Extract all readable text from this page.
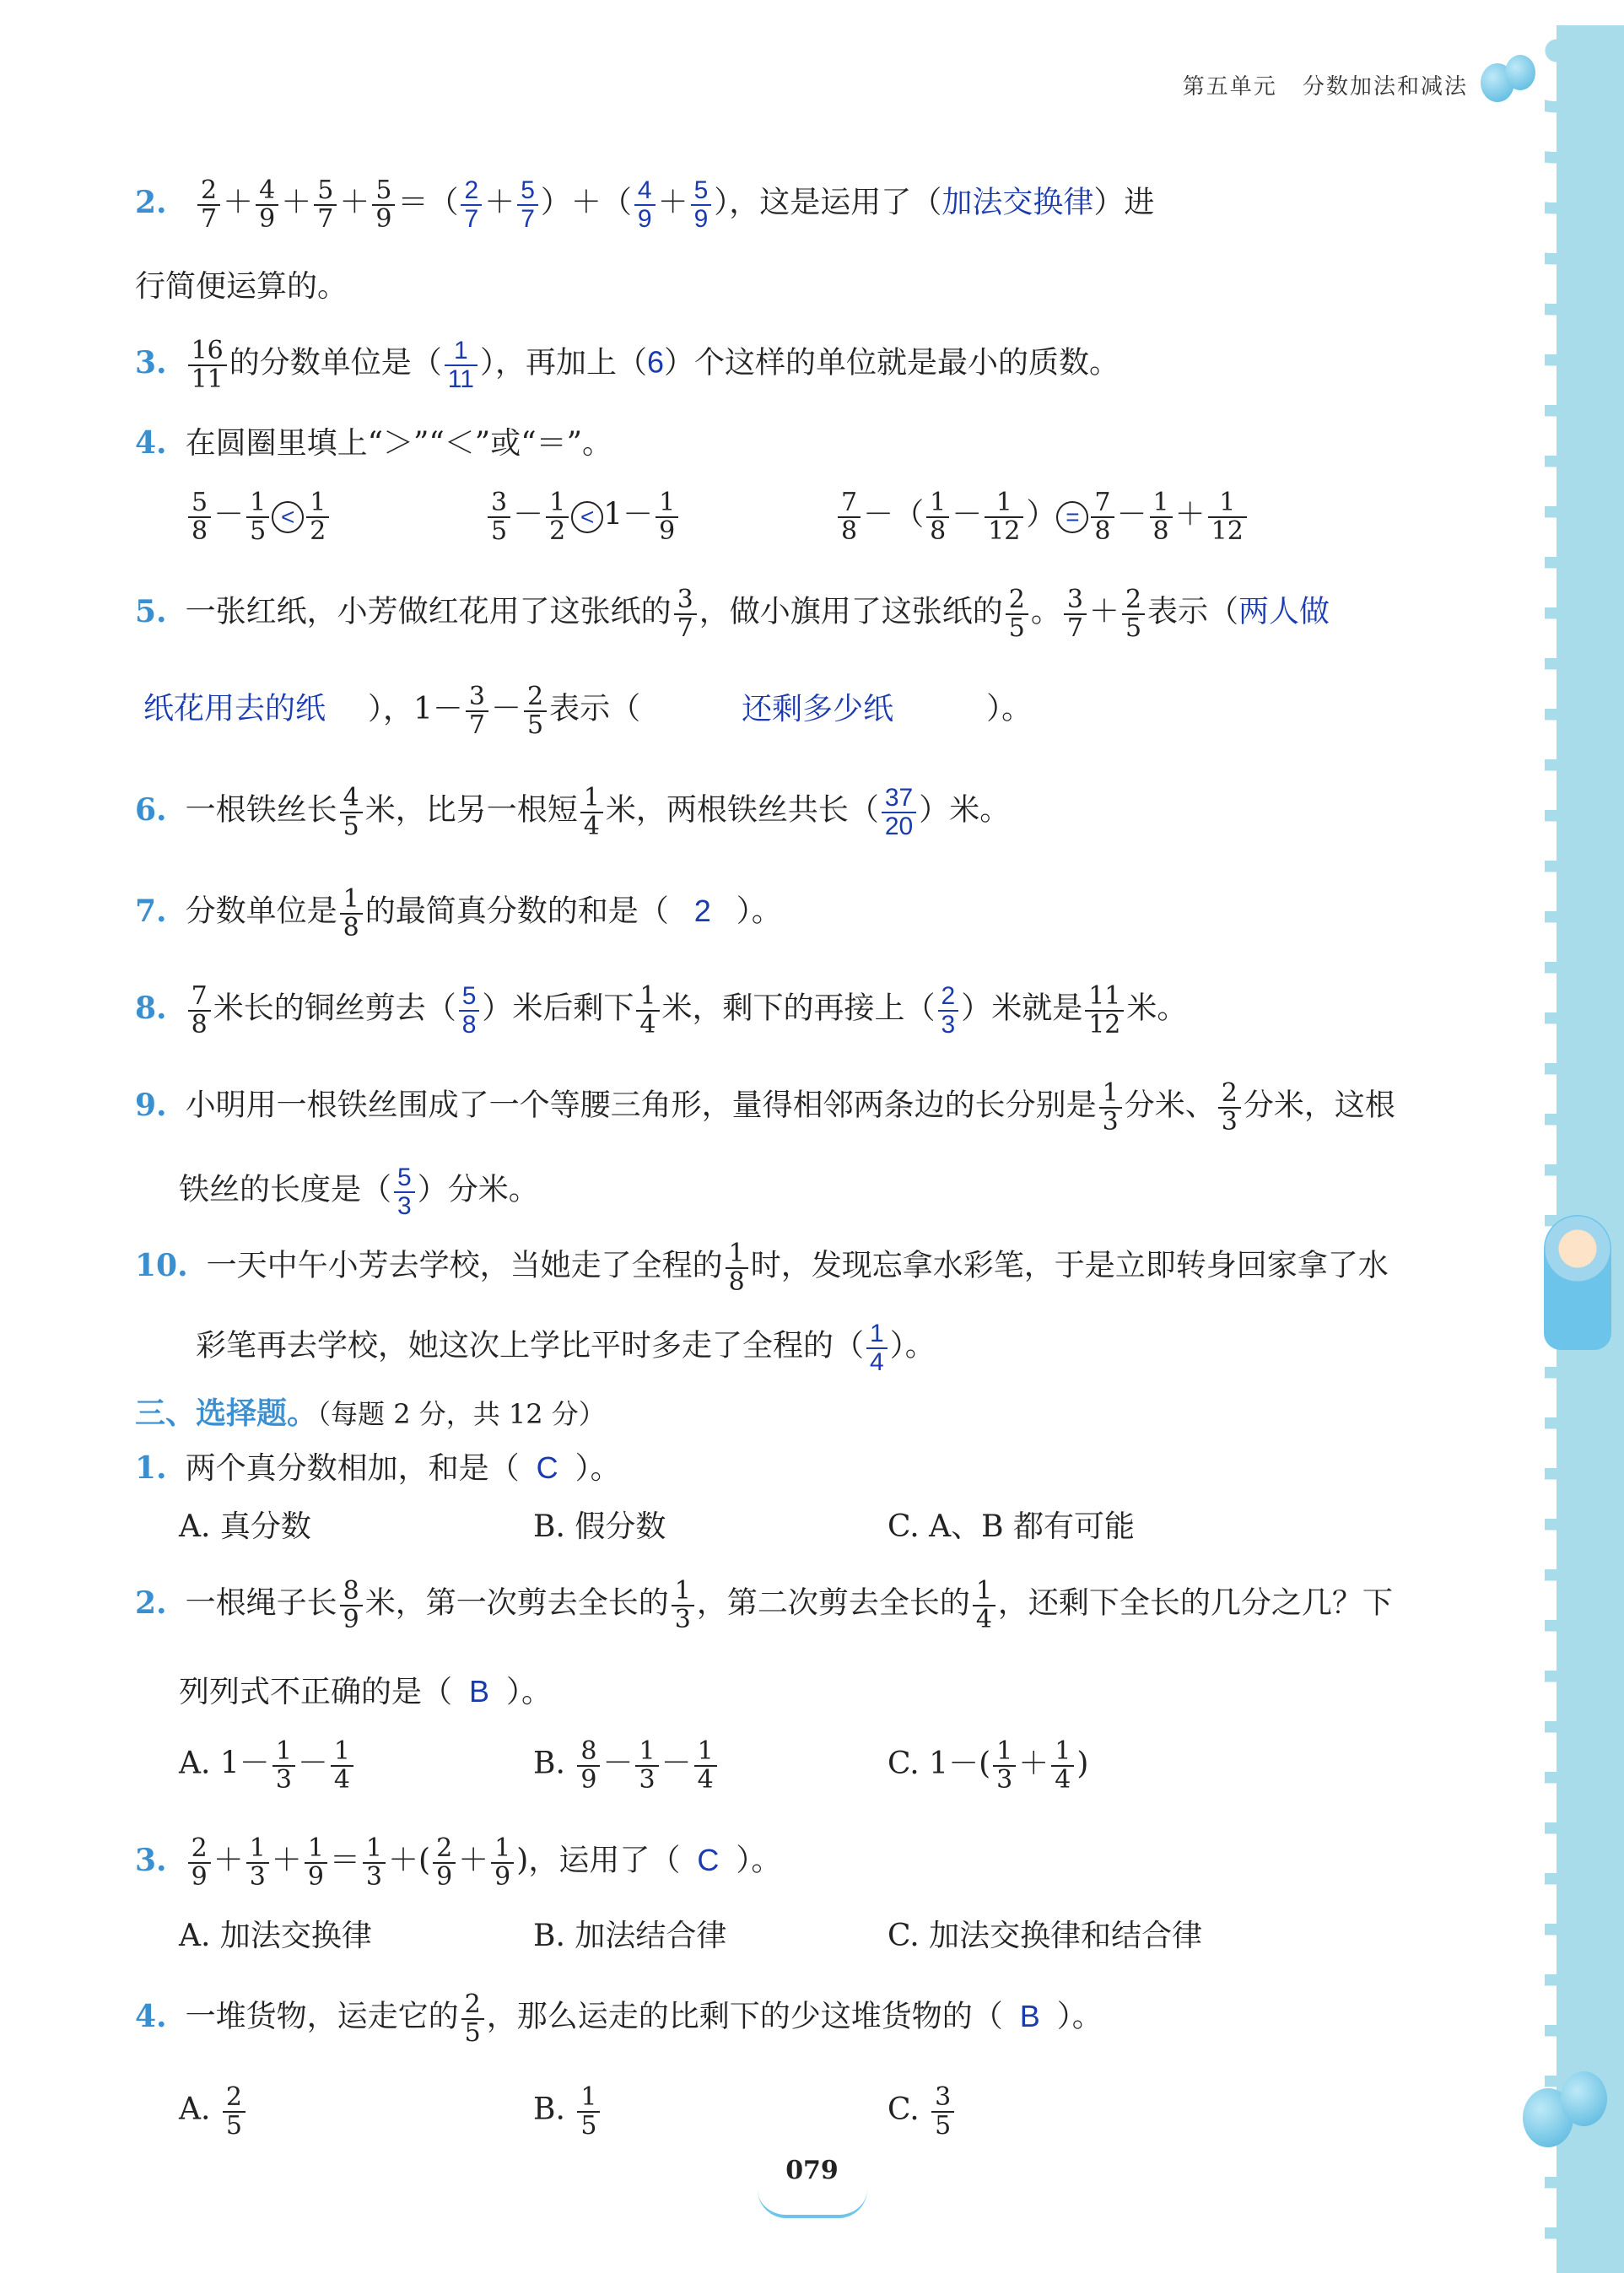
第五单元 分数加法和减法
2. $\frac{2}{7} + \frac{4}{9} + \frac{5}{7} + \frac{5}{9}$ ＝（ $\frac{2}{7} + \frac{5}{7}$ ）＋（ $\frac{4}{9} + \frac{5}{9}$ ），这是运用了（加法交换律）进
行简便运算的。
3. $\frac{16}{11}$ 的分数单位是（ $\frac{1}{11}$ ），再加上（6）个这样的单位就是最小的质数。
4. 在圆圈里填上“＞”“＜”或“＝”。
$\frac{5}{8} - \frac{1}{5} < \frac{1}{2}$	$\frac{3}{5} - \frac{1}{2} < 1- \frac{1}{9}$	$\frac{7}{8}$ －（ $\frac{1}{8} - \frac{1}{12}$ ） = $\frac{7}{8} - \frac{1}{8} + \frac{1}{12}$
5. 一张红纸，小芳做红花用了这张纸的 $\frac{3}{7}$ ，做小旗用了这张纸的 $\frac{2}{5}$ 。 $\frac{3}{7} + \frac{2}{5}$ 表示（两人做
纸花用去的纸 ），$1- \frac{3}{7} - \frac{2}{5}$ 表示（	还剩多少纸	）。
6. 一根铁丝长 $\frac{4}{5}$ 米，比另一根短 $\frac{1}{4}$ 米，两根铁丝共长（ $\frac{37}{20}$ ）米。
7. 分数单位是 $\frac{1}{8}$ 的最简真分数的和是（ 2 ）。
8. $\frac{7}{8}$ 米长的铜丝剪去（ $\frac{5}{8}$ ）米后剩下 $\frac{1}{4}$ 米，剩下的再接上（ $\frac{2}{3}$ ）米就是 $\frac{11}{12}$ 米。
9. 小明用一根铁丝围成了一个等腰三角形，量得相邻两条边的长分别是 $\frac{1}{3}$ 分米、 $\frac{2}{3}$ 分米，这根
铁丝的长度是（ $\frac{5}{3}$ ）分米。
10. 一天中午小芳去学校，当她走了全程的 $\frac{1}{8}$ 时，发现忘拿水彩笔，于是立即转身回家拿了水
彩笔再去学校，她这次上学比平时多走了全程的（ $\frac{1}{4}$ ）。
三、选择题。（每题 2 分，共 12 分）
1. 两个真分数相加，和是（ C ）。
A. 真分数	B. 假分数	C. A、B 都有可能
2. 一根绳子长 $\frac{8}{9}$ 米，第一次剪去全长的 $\frac{1}{3}$ ，第二次剪去全长的 $\frac{1}{4}$ ，还剩下全长的几分之几？下
列列式不正确的是（ B ）。
A. $1- \frac{1}{3} - \frac{1}{4}$	B. $\frac{8}{9} - \frac{1}{3} - \frac{1}{4}$	C. $1-( \frac{1}{3} + \frac{1}{4}$ )
3. $\frac{2}{9} + \frac{1}{3} + \frac{1}{9} = \frac{1}{3}$ ＋( $\frac{2}{9} + \frac{1}{9}$ )，运用了（ C ）。
A. 加法交换律	B. 加法结合律	C. 加法交换律和结合律
4. 一堆货物，运走它的 $\frac{2}{5}$ ，那么运走的比剩下的少这堆货物的（ B ）。
A. $\frac{2}{5}$	B. $\frac{1}{5}$	C. $\frac{3}{5}$
079
